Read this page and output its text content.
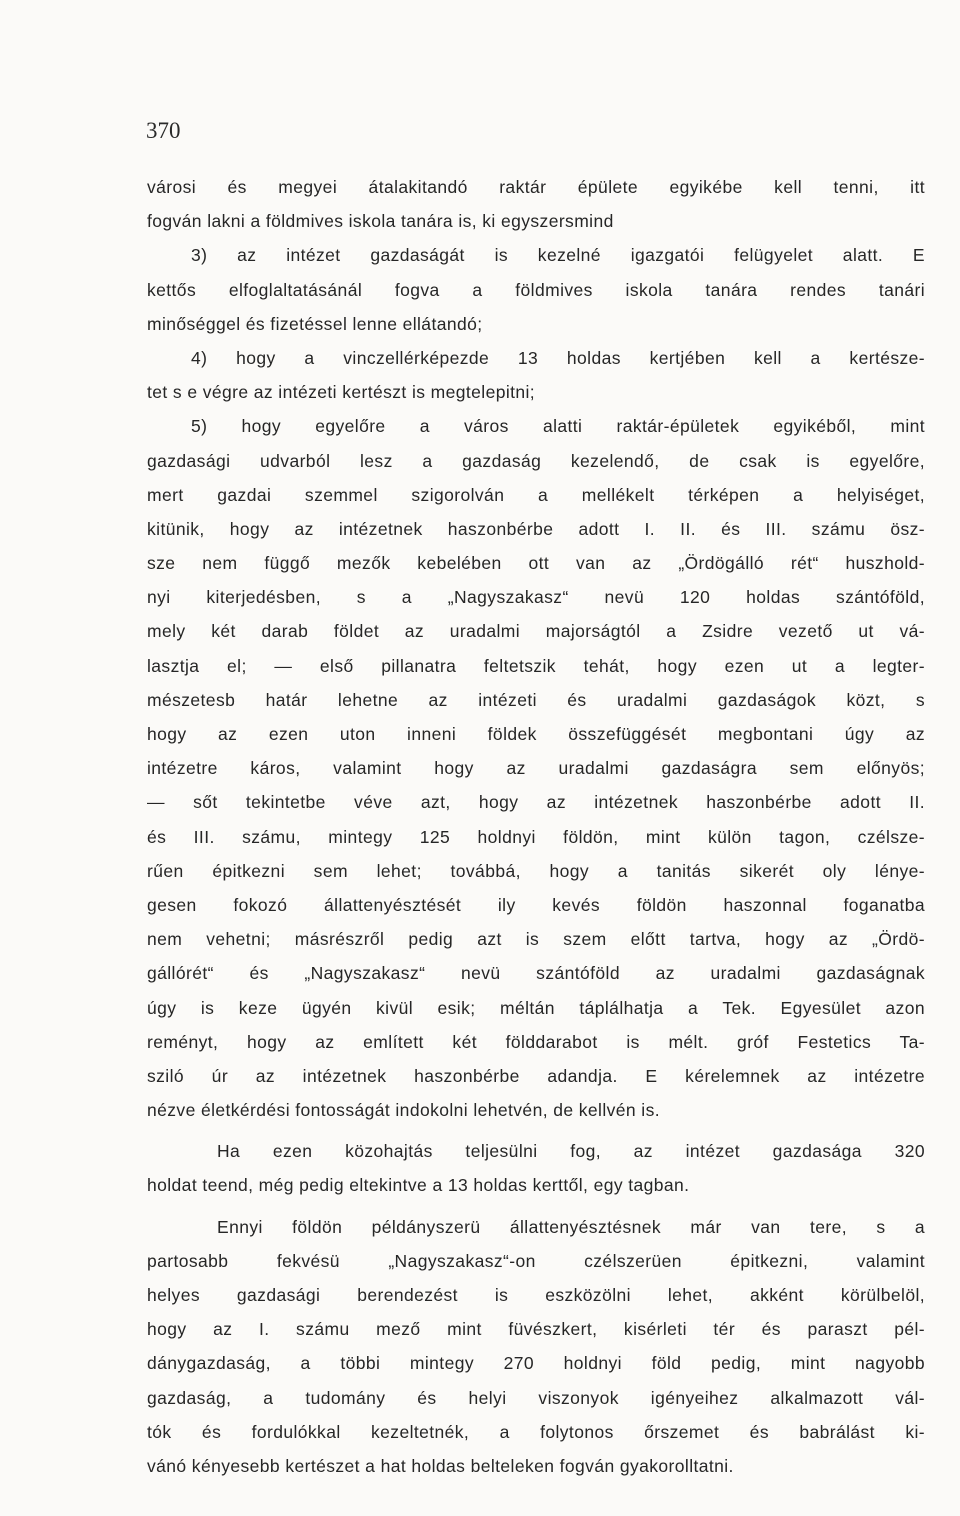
370
városi és megyei átalakitandó raktár épülete egyikébe kell tenni, itt
fogván lakni a földmives iskola tanára is, ki egyszersmind
3) az intézet gazdaságát is kezelné igazgatói felügyelet alatt. E
kettős elfoglaltatásánál fogva a földmives iskola tanára rendes tanári
minőséggel és fizetéssel lenne ellátandó;
4) hogy a vinczellérképezde 13 holdas kertjében kell a kertésze-
tet s e végre az intézeti kertészt is megtelepitni;
5) hogy egyelőre a város alatti raktár-épületek egyikéből, mint
gazdasági udvarból lesz a gazdaság kezelendő, de csak is egyelőre,
mert gazdai szemmel szigorolván a mellékelt térképen a helyiséget,
kitünik, hogy az intézetnek haszonbérbe adott I. II. és III. számu ösz-
sze nem függő mezők kebelében ott van az „Ördögálló rét“ huszhold-
nyi kiterjedésben, s a „Nagyszakasz“ nevü 120 holdas szántóföld,
mely két darab földet az uradalmi majorságtól a Zsidre vezető ut vá-
lasztja el; — első pillanatra feltetszik tehát, hogy ezen ut a legter-
mészetesb határ lehetne az intézeti és uradalmi gazdaságok közt, s
hogy az ezen uton inneni földek összefüggését megbontani úgy az
intézetre káros, valamint hogy az uradalmi gazdaságra sem előnyös;
— sőt tekintetbe véve azt, hogy az intézetnek haszonbérbe adott II.
és III. számu, mintegy 125 holdnyi földön, mint külön tagon, czélsze-
rűen épitkezni sem lehet; továbbá, hogy a tanitás sikerét oly lénye-
gesen fokozó állattenyésztését ily kevés földön haszonnal foganatba
nem vehetni; másrészről pedig azt is szem előtt tartva, hogy az „Ördö-
gállórét“ és „Nagyszakasz“ nevü szántóföld az uradalmi gazdaságnak
úgy is keze ügyén kivül esik; méltán táplálhatja a Tek. Egyesület azon
reményt, hogy az említett két földdarabot is mélt. gróf Festetics Ta-
sziló úr az intézetnek haszonbérbe adandja. E kérelemnek az intézetre
nézve életkérdési fontosságát indokolni lehetvén, de kellvén is.
Ha ezen közohajtás teljesülni fog, az intézet gazdasága 320
holdat teend, még pedig eltekintve a 13 holdas kerttől, egy tagban.
Ennyi földön példányszerü állattenyésztésnek már van tere, s a
partosabb fekvésü „Nagyszakasz“-on czélszerüen épitkezni, valamint
helyes gazdasági berendezést is eszközölni lehet, akként körülbelöl,
hogy az I. számu mező mint füvészkert, kisérleti tér és paraszt pél-
dánygazdaság, a többi mintegy 270 holdnyi föld pedig, mint nagyobb
gazdaság, a tudomány és helyi viszonyok igényeihez alkalmazott vál-
tók és fordulókkal kezeltetnék, a folytonos őrszemet és babrálást ki-
vánó kényesebb kertészet a hat holdas belteleken fogván gyakorolltatni.
